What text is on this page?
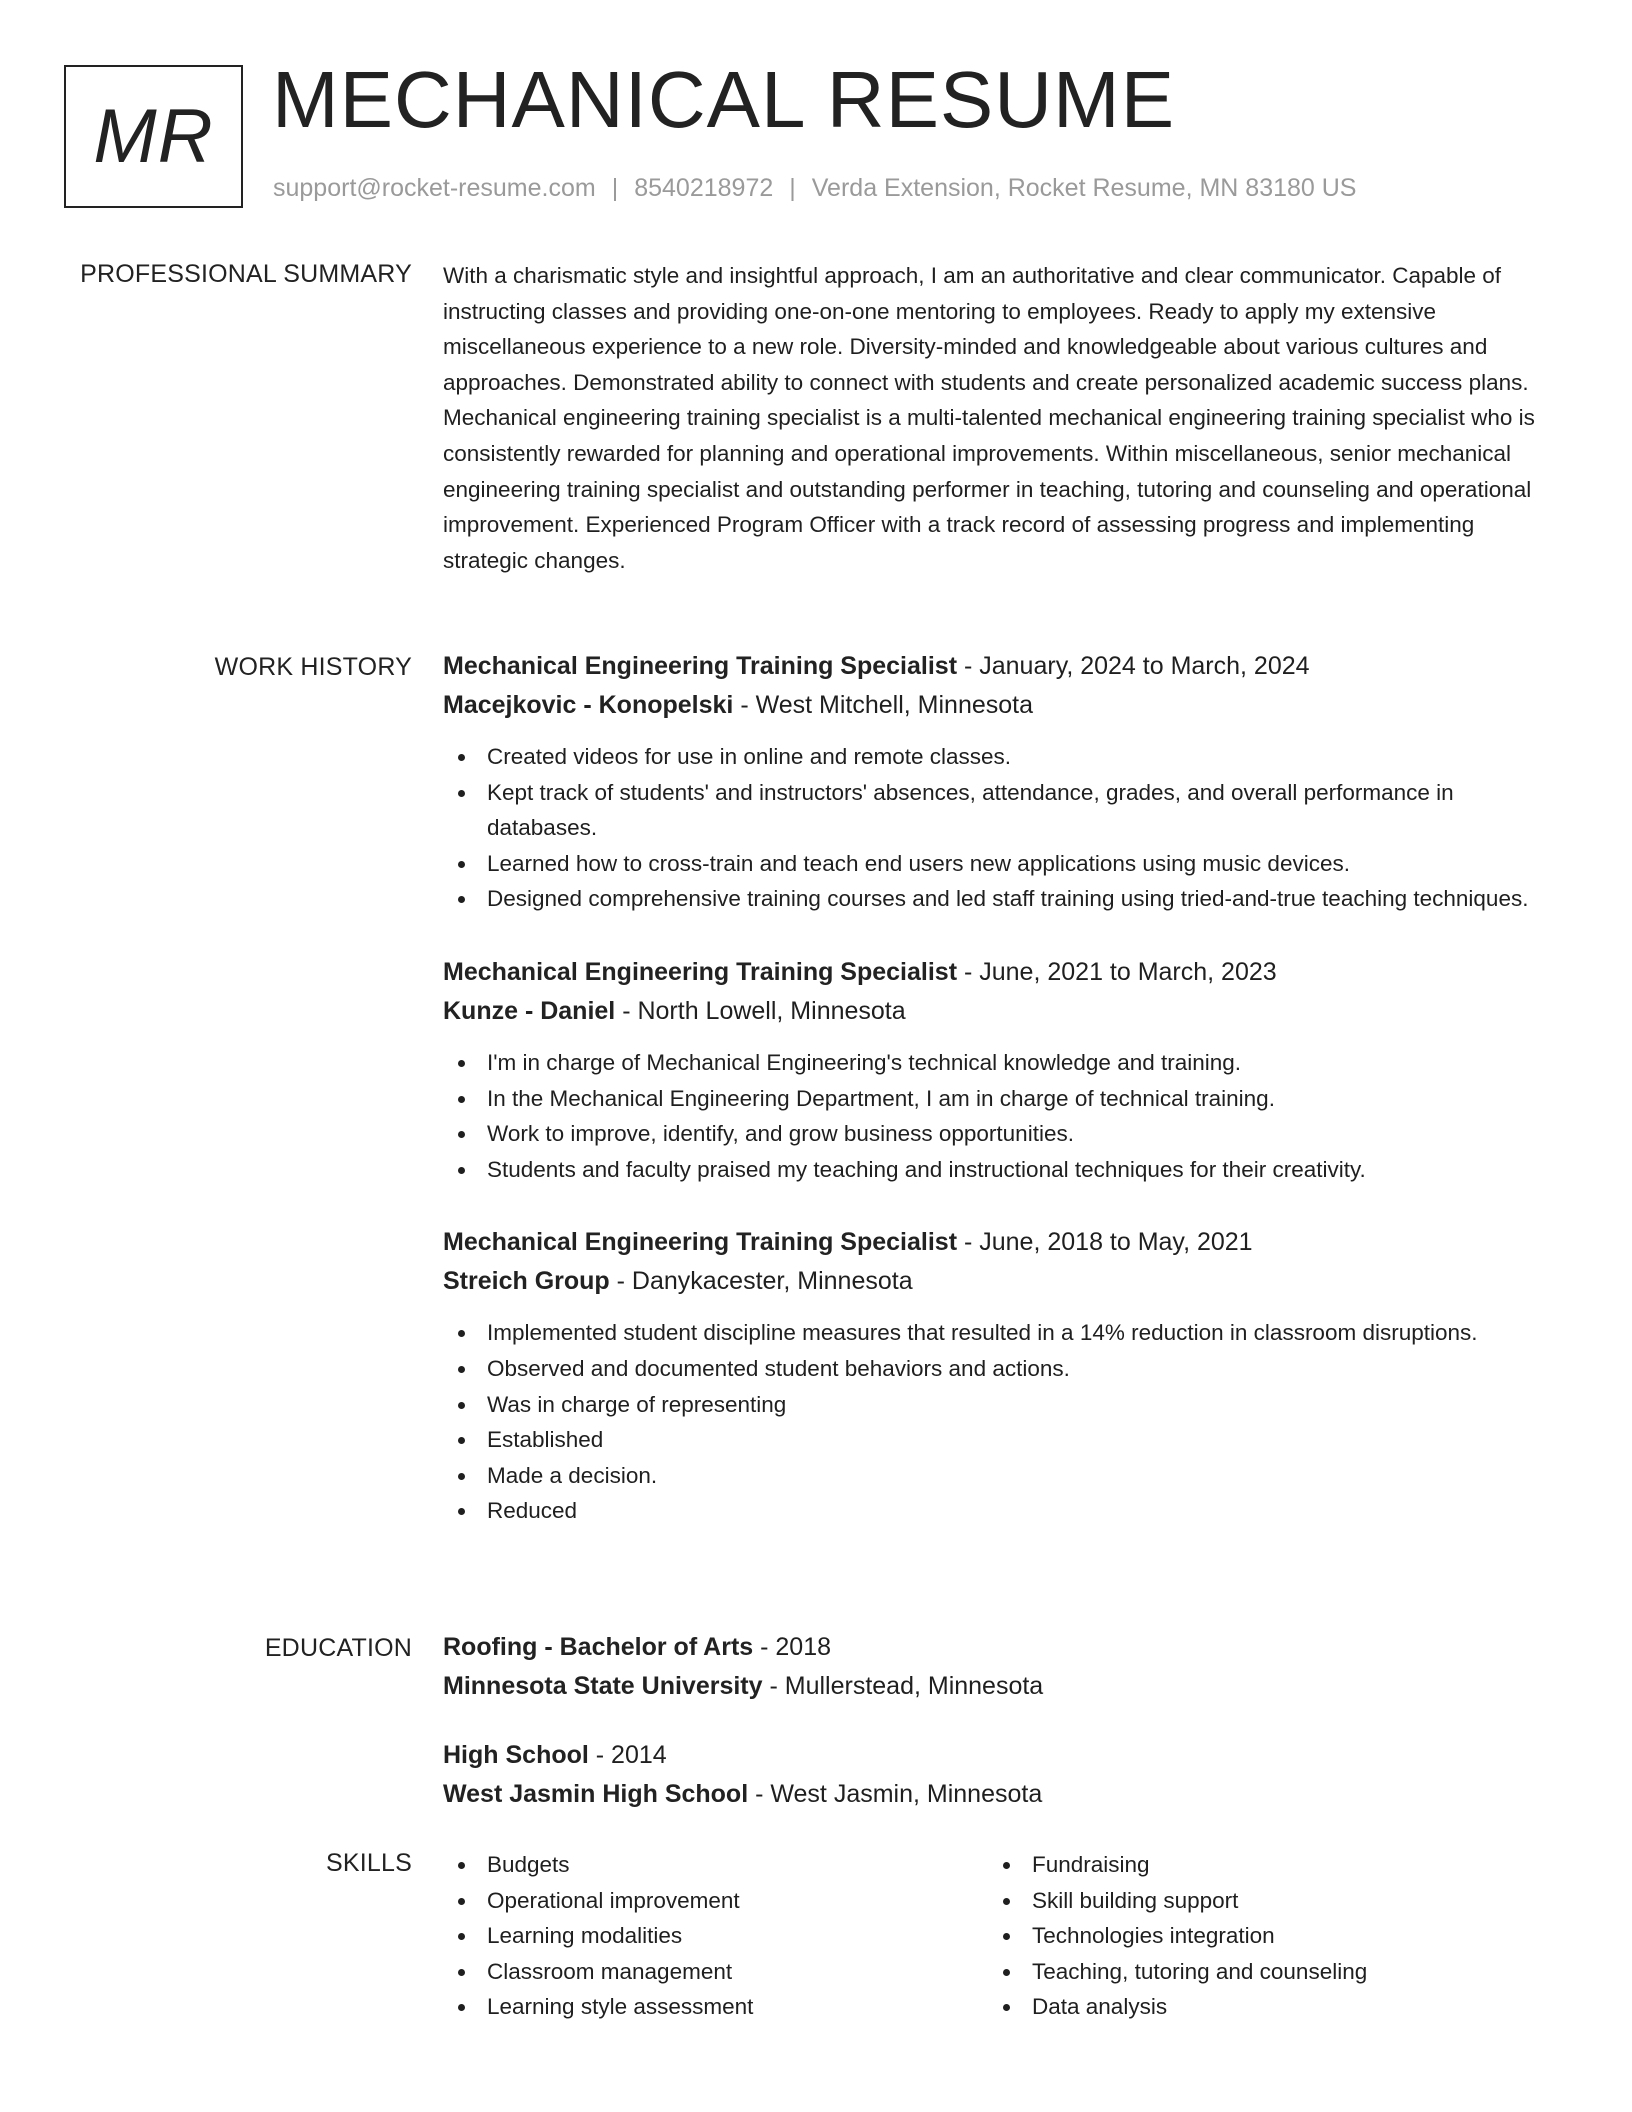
MR MECHANICAL RESUME
support@rocket-resume.com | 8540218972 | Verda Extension, Rocket Resume, MN 83180 US
PROFESSIONAL SUMMARY With a charismatic style and insightful approach, I am an authoritative and clear communicator. Capable of instructing classes and providing one-on-one mentoring to employees. Ready to apply my extensive miscellaneous experience to a new role. Diversity-minded and knowledgeable about various cultures and approaches. Demonstrated ability to connect with students and create personalized academic success plans. Mechanical engineering training specialist is a multi-talented mechanical engineering training specialist who is consistently rewarded for planning and operational improvements. Within miscellaneous, senior mechanical engineering training specialist and outstanding performer in teaching, tutoring and counseling and operational improvement. Experienced Program Officer with a track record of assessing progress and implementing strategic changes.

WORK HISTORY Mechanical Engineering Training Specialist - January, 2024 to March, 2024
Macejkovic - Konopelski - West Mitchell, Minnesota
Created videos for use in online and remote classes.
Kept track of students' and instructors' absences, attendance, grades, and overall performance in databases.
Learned how to cross-train and teach end users new applications using music devices.
Designed comprehensive training courses and led staff training using tried-and-true teaching techniques.
Mechanical Engineering Training Specialist - June, 2021 to March, 2023
Kunze - Daniel - North Lowell, Minnesota
I'm in charge of Mechanical Engineering's technical knowledge and training.
In the Mechanical Engineering Department, I am in charge of technical training.
Work to improve, identify, and grow business opportunities.
Students and faculty praised my teaching and instructional techniques for their creativity.
Mechanical Engineering Training Specialist - June, 2018 to May, 2021
Streich Group - Danykacester, Minnesota
Implemented student discipline measures that resulted in a 14% reduction in classroom disruptions.
Observed and documented student behaviors and actions.
Was in charge of representing
Established
Made a decision.
Reduced
EDUCATION Roofing - Bachelor of Arts - 2018
Minnesota State University - Mullerstead, Minnesota
High School - 2014
West Jasmin High School - West Jasmin, Minnesota
SKILLS	Budgets
Operational improvement
Learning modalities
Classroom management
Learning style assessment
Fundraising
Skill building support
Technologies integration
Teaching, tutoring and counseling
Data analysis
